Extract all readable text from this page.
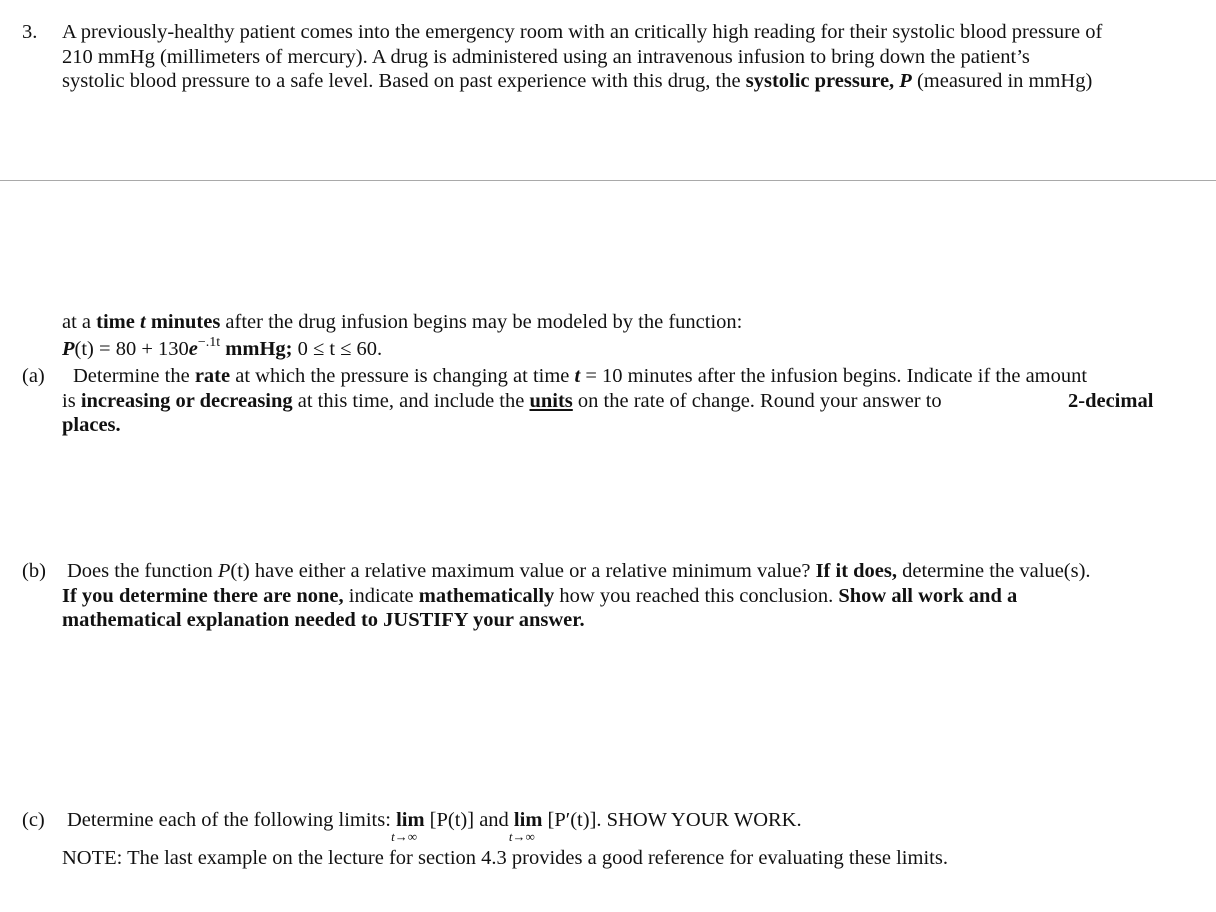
3. A previously-healthy patient comes into the emergency room with an critically high reading for their systolic blood pressure of
210 mmHg (millimeters of mercury). A drug is administered using an intravenous infusion to bring down the patient’s
systolic blood pressure to a safe level. Based on past experience with this drug, the systolic pressure, P (measured in mmHg)
at a time t minutes after the drug infusion begins may be modeled by the function:
$P(t) = 80 + 130e^{-.1t}$ mmHg; 0 ≤ t ≤ 60.
(a)	Determine the rate at which the pressure is changing at time t = 10 minutes after the infusion begins. Indicate if the amount
is increasing or decreasing at this time, and include the units on the rate of change. Round your answer to	2-decimal
places.
(b) Does the function P(t) have either a relative maximum value or a relative minimum value? If it does, determine the value(s).
If you determine there are none, indicate mathematically how you reached this conclusion. Show all work and a
mathematical explanation needed to JUSTIFY your answer.
(c) Determine each of the following limits: lim
t→∞
[P(t)] and lim
t→∞
[P′(t)]. SHOW YOUR WORK.
NOTE: The last example on the lecture for section 4.3 provides a good reference for evaluating these limits.
